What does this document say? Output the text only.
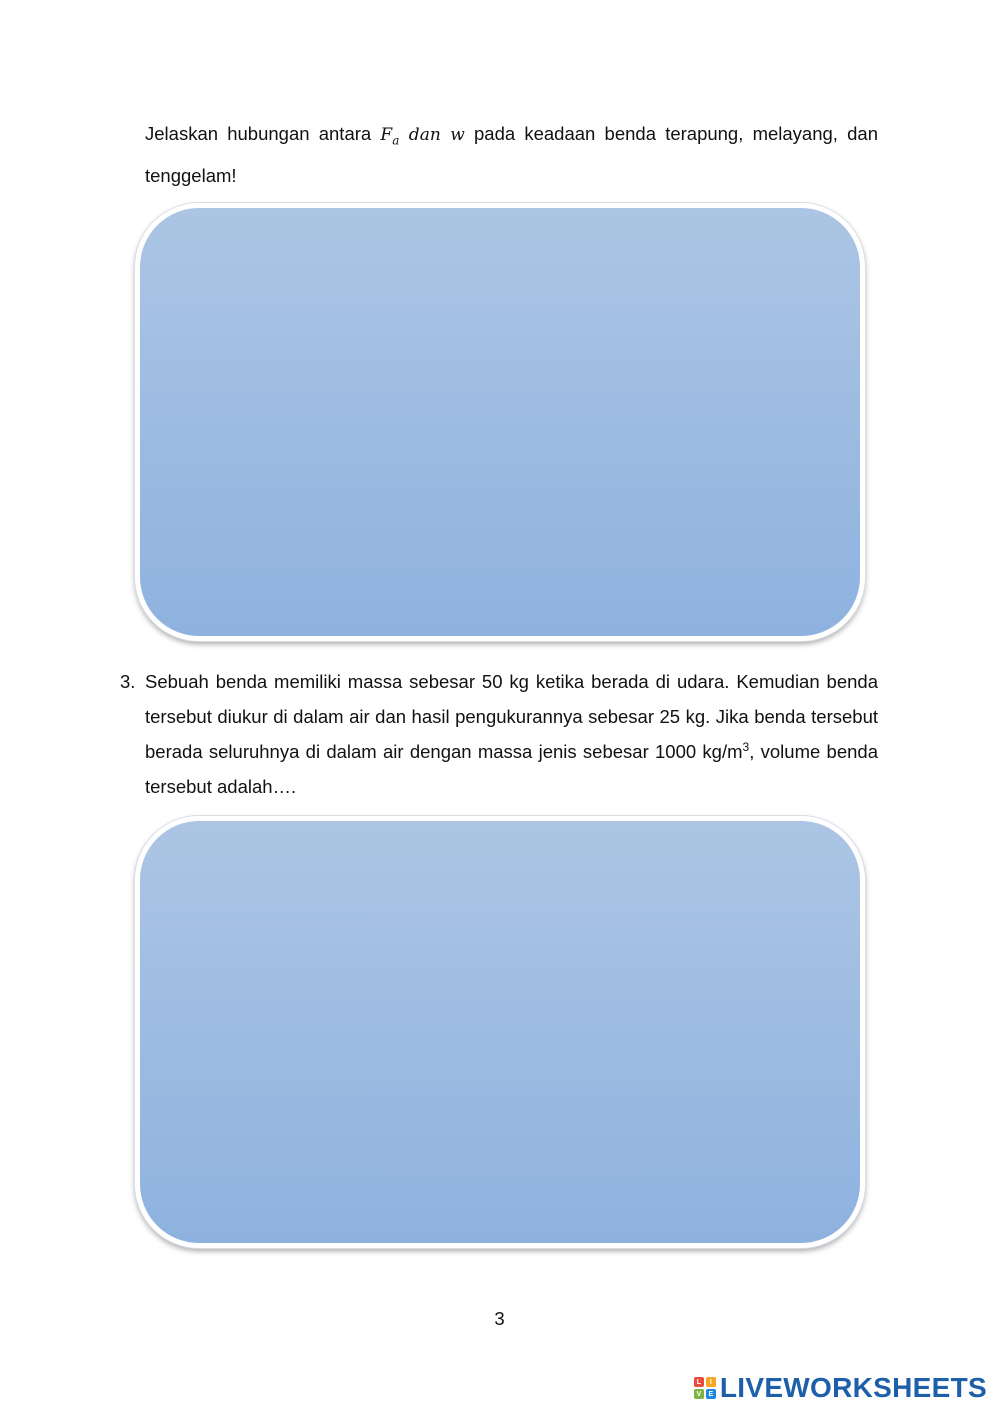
Jelaskan hubungan antara $F_a$ dan w pada keadaan benda terapung, melayang, dan tenggelam!

3. Sebuah benda memiliki massa sebesar 50 kg ketika berada di udara. Kemudian benda tersebut diukur di dalam air dan hasil pengukurannya sebesar 25 kg. Jika benda tersebut berada seluruhnya di dalam air dengan massa jenis sebesar 1000 $kg/m^3$, volume benda tersebut adalah….

3
L	I
V	E LIVEWORKSHEETS
